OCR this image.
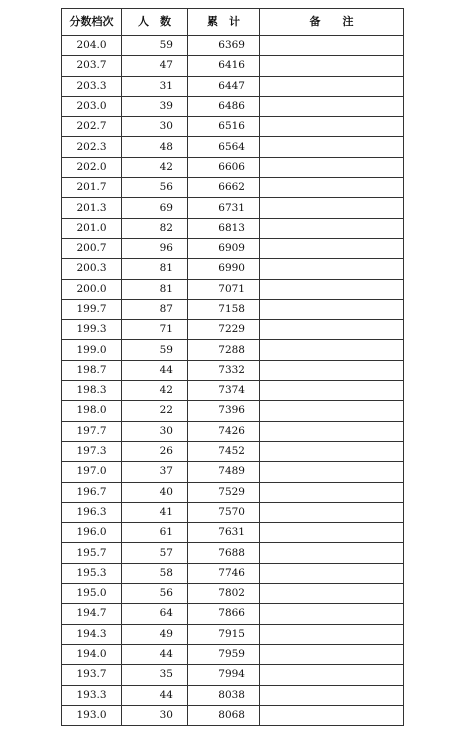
分数档次	人　数	累　计	备　　注
204.0	59	6369	
203.7	47	6416	
203.3	31	6447	
203.0	39	6486	
202.7	30	6516	
202.3	48	6564	
202.0	42	6606	
201.7	56	6662	
201.3	69	6731	
201.0	82	6813	
200.7	96	6909	
200.3	81	6990	
200.0	81	7071	
199.7	87	7158	
199.3	71	7229	
199.0	59	7288	
198.7	44	7332	
198.3	42	7374	
198.0	22	7396	
197.7	30	7426	
197.3	26	7452	
197.0	37	7489	
196.7	40	7529	
196.3	41	7570	
196.0	61	7631	
195.7	57	7688	
195.3	58	7746	
195.0	56	7802	
194.7	64	7866	
194.3	49	7915	
194.0	44	7959	
193.7	35	7994	
193.3	44	8038	
193.0	30	8068	
